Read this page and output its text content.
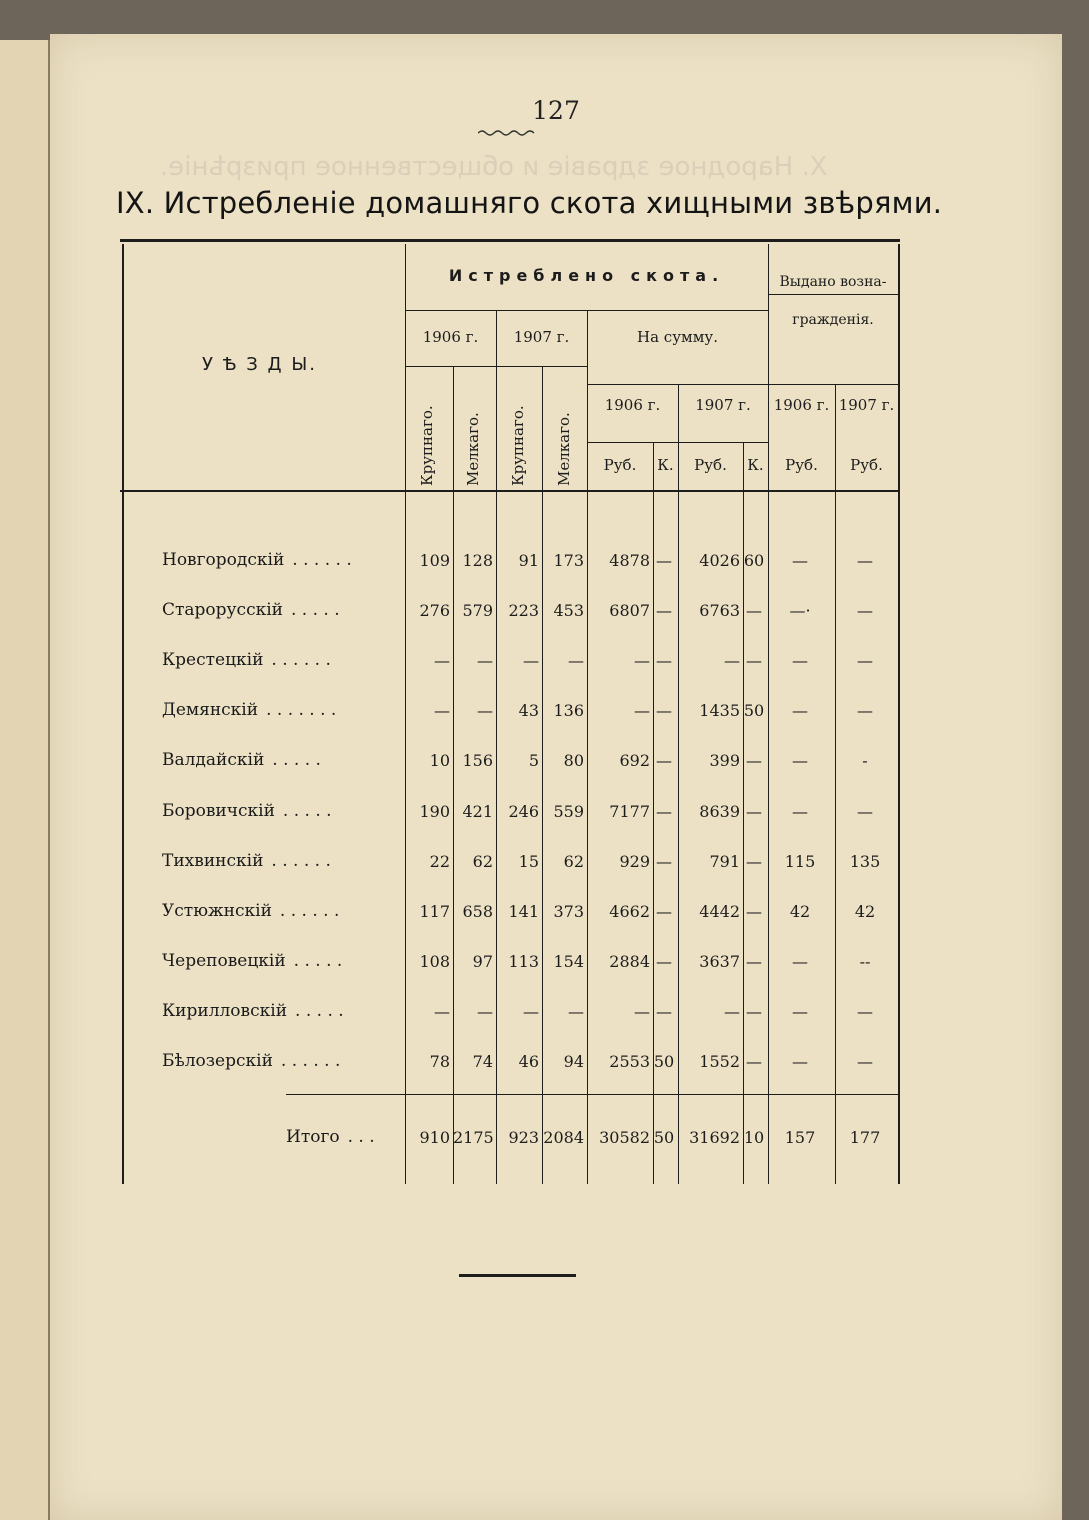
X. Народное здравіе и общественное призрѣніе.
127
IX. Истребленіе домашняго скота хищными звѣрями.
У Ѣ З Д Ы.
Истреблено скота.	Выдано возна-
гражденія.
1906 г.	1907 г.	На сумму.
1906 г.	1907 г.	1906 г. 1907 г.
Крупнаго. Мелкаго. Крупнаго. Мелкаго.	Руб.	К.	Руб.	К.	Руб.	Руб.
Новгородскій . . . . . .	109 128	91 173	4878 —	4026 60	—	—
Старорусскій . . . . .	276 579 223 453	6807 —	6763 —	—·	—
Крестецкій . . . . . .	—	—	—	—	— —	— —	—	—
Демянскій . . . . . . .	—	—	43 136	— —	1435 50	—	—
Валдайскій . . . . .	10 156	5	80	692 —	399 —	—	-
Боровичскій . . . . .	190 421 246 559	7177 —	8639 —	—	—
Тихвинскій . . . . . .	22	62	15	62	929 —	791 —	115	135
Устюжнскій . . . . . .	117 658 141 373	4662 —	4442 —	42	42
Череповецкій . . . . .	108	97 113 154	2884 —	3637 —	—	--
Кирилловскій . . . . .	—	—	—	—	— —	— —	—	—
Бѣлозерскій . . . . . .	78	74	46	94	2553 50	1552 —	—	—
Итого . . .	910 2175 923 2084 30582 50 31692 10	157	177
